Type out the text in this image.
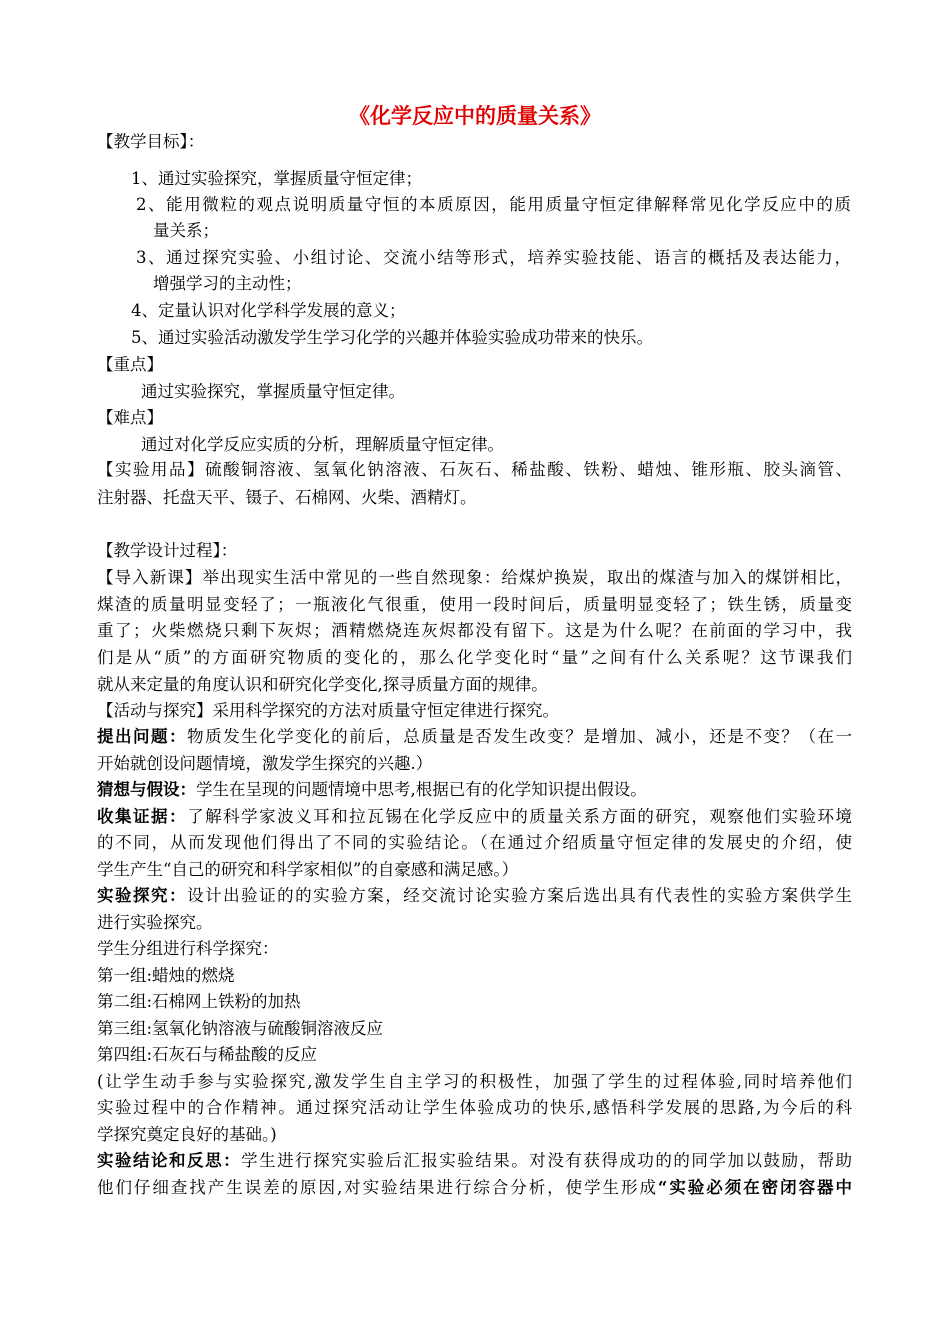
《化学反应中的质量关系》
【教学目标】：
1、通过实验探究，掌握质量守恒定律；
2、能用微粒的观点说明质量守恒的本质原因，能用质量守恒定律解释常见化学反应中的质
量关系；
3、通过探究实验、小组讨论、交流小结等形式，培养实验技能、语言的概括及表达能力，
增强学习的主动性；
4、定量认识对化学科学发展的意义；
5、通过实验活动激发学生学习化学的兴趣并体验实验成功带来的快乐。
【重点】
通过实验探究，掌握质量守恒定律。
【难点】
通过对化学反应实质的分析，理解质量守恒定律。
【实验用品】硫酸铜溶液、氢氧化钠溶液、石灰石、稀盐酸、铁粉、蜡烛、锥形瓶、胶头滴管、
注射器、托盘天平、镊子、石棉网、火柴、酒精灯。
【教学设计过程】：
【导入新课】举出现实生活中常见的一些自然现象：给煤炉换炭，取出的煤渣与加入的煤饼相比，
煤渣的质量明显变轻了；一瓶液化气很重，使用一段时间后，质量明显变轻了；铁生锈，质量变
重了；火柴燃烧只剩下灰烬；酒精燃烧连灰烬都没有留下。这是为什么呢？在前面的学习中，我
们是从“质”的方面研究物质的变化的，那么化学变化时“量”之间有什么关系呢？这节课我们
就从来定量的角度认识和研究化学变化,探寻质量方面的规律。
【活动与探究】采用科学探究的方法对质量守恒定律进行探究。
提出问题：物质发生化学变化的前后，总质量是否发生改变？是增加、减小，还是不变？（在一
开始就创设问题情境，激发学生探究的兴趣.）
猜想与假设：学生在呈现的问题情境中思考,根据已有的化学知识提出假设。
收集证据：了解科学家波义耳和拉瓦锡在化学反应中的质量关系方面的研究，观察他们实验环境
的不同，从而发现他们得出了不同的实验结论。（在通过介绍质量守恒定律的发展史的介绍，使
学生产生“自己的研究和科学家相似”的自豪感和满足感。）
实验探究：设计出验证的的实验方案，经交流讨论实验方案后选出具有代表性的实验方案供学生
进行实验探究。
学生分组进行科学探究：
第一组:蜡烛的燃烧
第二组:石棉网上铁粉的加热
第三组:氢氧化钠溶液与硫酸铜溶液反应
第四组:石灰石与稀盐酸的反应
(让学生动手参与实验探究,激发学生自主学习的积极性，加强了学生的过程体验,同时培养他们
实验过程中的合作精神。通过探究活动让学生体验成功的快乐,感悟科学发展的思路,为今后的科
学探究奠定良好的基础。)
实验结论和反思：学生进行探究实验后汇报实验结果。对没有获得成功的的同学加以鼓励，帮助
他们仔细查找产生误差的原因,对实验结果进行综合分析，使学生形成“实验必须在密闭容器中
